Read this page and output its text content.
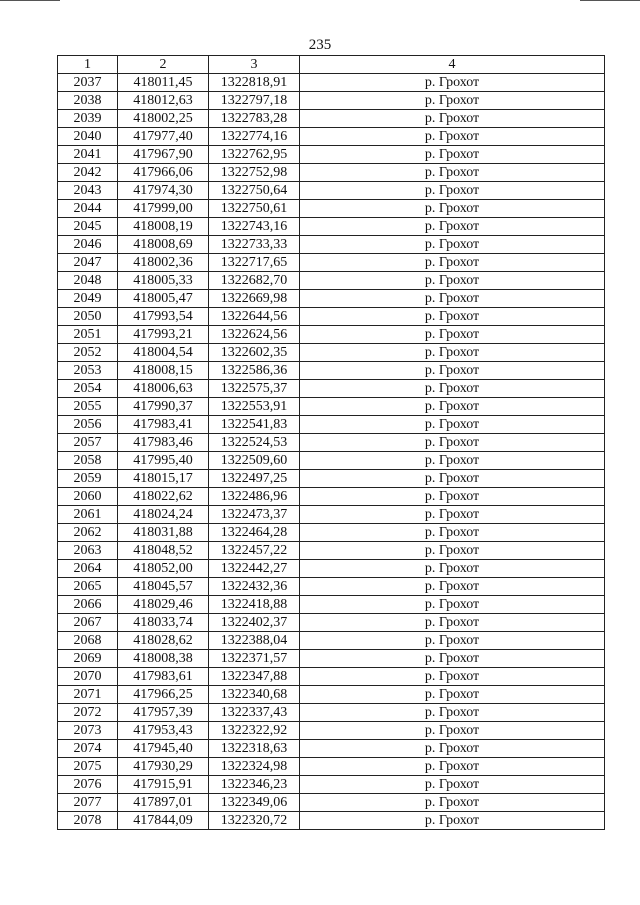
235
1	2	3	4
2037	418011,45	1322818,91	р. Грохот
2038	418012,63	1322797,18	р. Грохот
2039	418002,25	1322783,28	р. Грохот
2040	417977,40	1322774,16	р. Грохот
2041	417967,90	1322762,95	р. Грохот
2042	417966,06	1322752,98	р. Грохот
2043	417974,30	1322750,64	р. Грохот
2044	417999,00	1322750,61	р. Грохот
2045	418008,19	1322743,16	р. Грохот
2046	418008,69	1322733,33	р. Грохот
2047	418002,36	1322717,65	р. Грохот
2048	418005,33	1322682,70	р. Грохот
2049	418005,47	1322669,98	р. Грохот
2050	417993,54	1322644,56	р. Грохот
2051	417993,21	1322624,56	р. Грохот
2052	418004,54	1322602,35	р. Грохот
2053	418008,15	1322586,36	р. Грохот
2054	418006,63	1322575,37	р. Грохот
2055	417990,37	1322553,91	р. Грохот
2056	417983,41	1322541,83	р. Грохот
2057	417983,46	1322524,53	р. Грохот
2058	417995,40	1322509,60	р. Грохот
2059	418015,17	1322497,25	р. Грохот
2060	418022,62	1322486,96	р. Грохот
2061	418024,24	1322473,37	р. Грохот
2062	418031,88	1322464,28	р. Грохот
2063	418048,52	1322457,22	р. Грохот
2064	418052,00	1322442,27	р. Грохот
2065	418045,57	1322432,36	р. Грохот
2066	418029,46	1322418,88	р. Грохот
2067	418033,74	1322402,37	р. Грохот
2068	418028,62	1322388,04	р. Грохот
2069	418008,38	1322371,57	р. Грохот
2070	417983,61	1322347,88	р. Грохот
2071	417966,25	1322340,68	р. Грохот
2072	417957,39	1322337,43	р. Грохот
2073	417953,43	1322322,92	р. Грохот
2074	417945,40	1322318,63	р. Грохот
2075	417930,29	1322324,98	р. Грохот
2076	417915,91	1322346,23	р. Грохот
2077	417897,01	1322349,06	р. Грохот
2078	417844,09	1322320,72	р. Грохот
